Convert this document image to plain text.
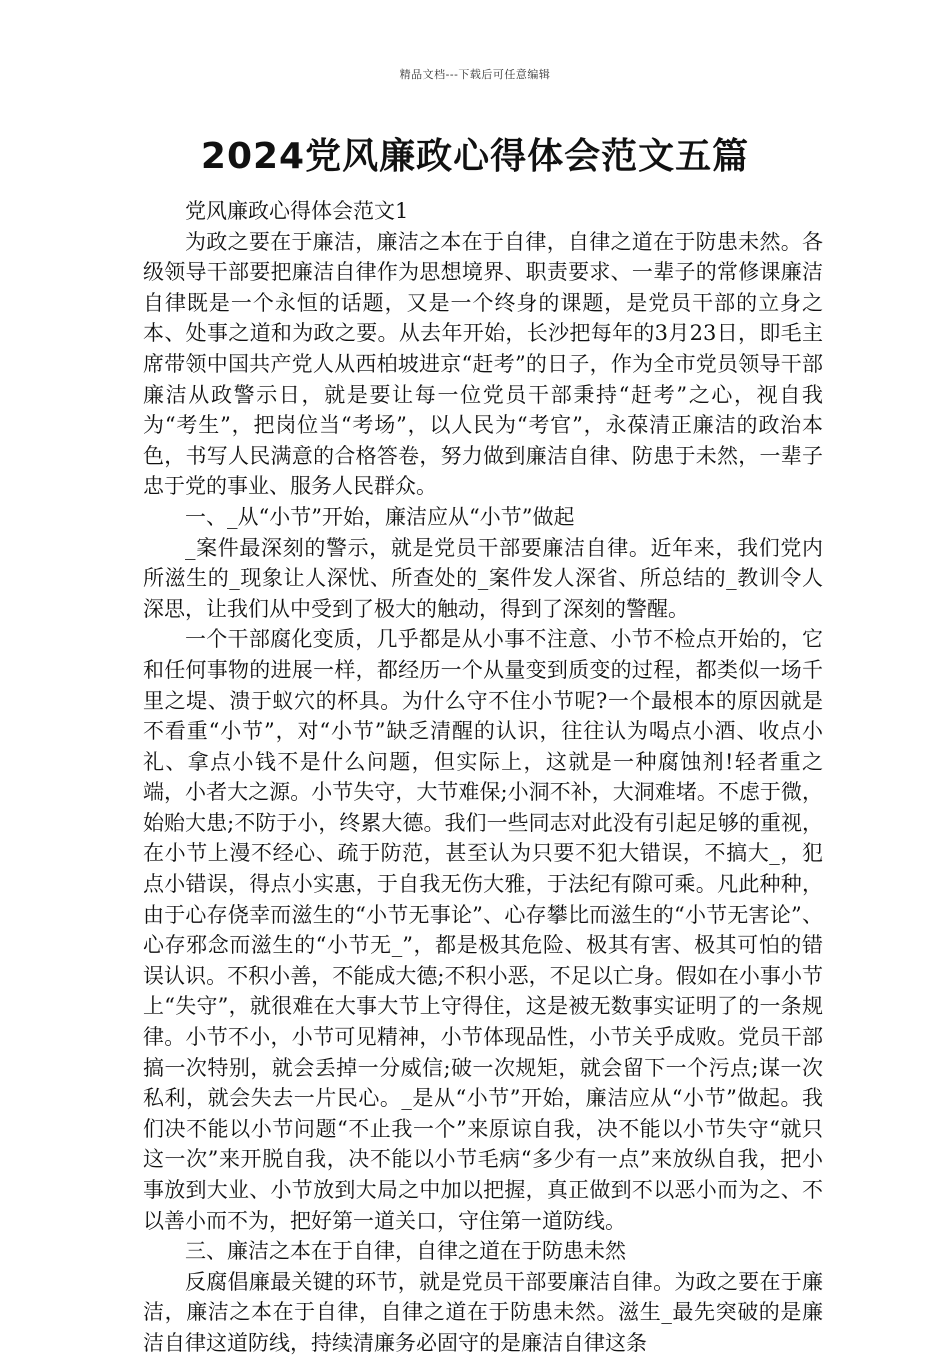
精品文档---下载后可任意编辑
2024党风廉政心得体会范文五篇

党风廉政心得体会范文1

为政之要在于廉洁，廉洁之本在于自律，自律之道在于防患未然。各级领导干部要把廉洁自律作为思想境界、职责要求、一辈子的常修课廉洁自律既是一个永恒的话题，又是一个终身的课题，是党员干部的立身之本、处事之道和为政之要。从去年开始，长沙把每年的3月23日，即毛主席带领中国共产党人从西柏坡进京“赶考”的日子，作为全市党员领导干部廉洁从政警示日，就是要让每一位党员干部秉持“赶考”之心，视自我为“考生”，把岗位当“考场”，以人民为“考官”，永葆清正廉洁的政治本色，书写人民满意的合格答卷，努力做到廉洁自律、防患于未然，一辈子忠于党的事业、服务人民群众。

一、_从“小节”开始，廉洁应从“小节”做起

_案件最深刻的警示，就是党员干部要廉洁自律。近年来，我们党内所滋生的_现象让人深忧、所查处的_案件发人深省、所总结的_教训令人深思，让我们从中受到了极大的触动，得到了深刻的警醒。

一个干部腐化变质，几乎都是从小事不注意、小节不检点开始的，它和任何事物的进展一样，都经历一个从量变到质变的过程，都类似一场千里之堤、溃于蚁穴的杯具。为什么守不住小节呢?一个最根本的原因就是不看重“小节”，对“小节”缺乏清醒的认识，往往认为喝点小酒、收点小礼、拿点小钱不是什么问题，但实际上，这就是一种腐蚀剂!轻者重之端，小者大之源。小节失守，大节难保;小洞不补，大洞难堵。不虑于微，始贻大患;不防于小，终累大德。我们一些同志对此没有引起足够的重视，在小节上漫不经心、疏于防范，甚至认为只要不犯大错误，不搞大_，犯点小错误，得点小实惠，于自我无伤大雅，于法纪有隙可乘。凡此种种，由于心存侥幸而滋生的“小节无事论”、心存攀比而滋生的“小节无害论”、心存邪念而滋生的“小节无_”，都是极其危险、极其有害、极其可怕的错误认识。不积小善，不能成大德;不积小恶，不足以亡身。假如在小事小节上“失守”，就很难在大事大节上守得住，这是被无数事实证明了的一条规律。小节不小，小节可见精神，小节体现品性，小节关乎成败。党员干部搞一次特别，就会丢掉一分威信;破一次规矩，就会留下一个污点;谋一次私利，就会失去一片民心。_是从“小节”开始，廉洁应从“小节”做起。我们决不能以小节问题“不止我一个”来原谅自我，决不能以小节失守“就只这一次”来开脱自我，决不能以小节毛病“多少有一点”来放纵自我，把小事放到大业、小节放到大局之中加以把握，真正做到不以恶小而为之、不以善小而不为，把好第一道关口，守住第一道防线。

三、廉洁之本在于自律，自律之道在于防患未然

反腐倡廉最关键的环节，就是党员干部要廉洁自律。为政之要在于廉洁，廉洁之本在于自律，自律之道在于防患未然。滋生_最先突破的是廉洁自律这道防线，持续清廉务必固守的是廉洁自律这条
